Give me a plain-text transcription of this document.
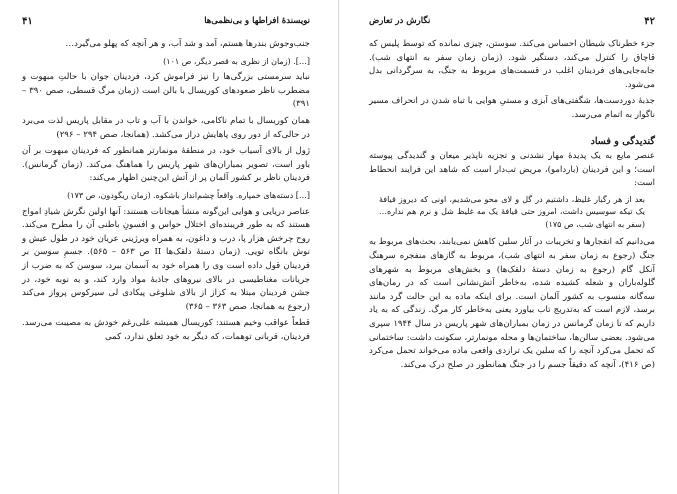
نویسندهٔ افراطها و بی‌نظمی‌ها
۴۱

جنب‌وجوش بندرها هستم، آمد و شد آب، و هر آنچه که پهلو می‌گیرد…

[…]. (زمان از نظری به قصر دیگر، ص ۱۰۱)

نباید سرمستی بزرگی‌ها را نیز فراموش کرد، فردینان جوان با حالتِ مبهوت و مضطرب ناظر صعودهای کوریسال با بالن است (زمان مرگ قسطی، صص ۳۹۰ – ۳۹۱)

همان کوریسال با تمام ناکامی، خواندن با آب و تاب در مقابل پاریس لذت می‌برد در حالی‌که از دور روی پاهایش دراز می‌کشد. (همانجا، صص ۲۹۴ – ۲۹۶)

ژول از بالای آسیاب خود، در منطقهٔ مونمارتر همانطور که فردینان مبهوت بر آن باور است، تصویر بمباران‌های شهر پاریس را هماهنگ می‌کند. (زمان گرمانس). فردینان ناظر بر کشور آلمان پر از آتش این‌چنین اظهار می‌کند:

[…] دسته‌های خمپاره. واقعاً چشم‌انداز باشکوه. (زمان ریگودون، ص ۱۷۳)

عناصر دریایی و هوایی این‌گونه منشأ هیجانات هستند: آنها اولین نگرش شیادِ امواج هستند که به طور فریبنده‌ای اختلال حواس و افسونِ باطنی آن را مطرح می‌کند. روح چرخش هزار پا، درب و داغون، به همراه ویرژینی عریان خود در طول عیش و نوش بانگاه تویی. (زمان دستهٔ دلقک‌ها II ص ۵۶۳ – ۵۶۵). جسمِ سوسن بر فردینان قول داده است وی را همراه خود به آسمان ببرد، سوسن که به ضرب از جریانات مغناطیسی در بالای نیروهای جاذبهٔ مواد وارد کند، و به نوبه خود، در جشن فردینان مبتلا به کزاز از بالای شلوغی پیکادی لی سیرکوس پرواز می‌کند (رجوع به همانجا، صص ۳۶۳ – ۳۶۵)

قطعاً عواقب وخیم هستند: کوریسال همیشه علی‌رغم خودش به مصیبت می‌رسد. فردینان، قربانی توهمات، که دیگر به خود تعلق ندارد، کمی

۴۲
نگارش در تعارض

جزء خطرناک شیطان احساس می‌کند. سوستن، چیزی نمانده که توسط پلیس که قاچاق را کنترل می‌کند، دستگیر شود. (زمان زمان سفر به انتهای شب). جابه‌جایی‌های فردینان اغلب در قسمت‌های مربوط به جنگ، به سرگردانی بدل می‌شود.

جذبهٔ دوردست‌ها، شگفتی‌های آبزی و مستیِ هوایی با تباه شدن در انحراف مسیر ناگوار به اتمام می‌رسد.

گندیدگی و فساد

عنصر مایع به یک پدیدهٔ مهار نشدنی و تجزیه ناپذیر میعان و گندیدگی پیوسته است؛ و این فردینان (باردامو)، مریض تب‌دار است که شاهد این فرایند انحطاط است:

بعد از هر رگبار غلیظ، داشتیم در گل و لای محو می‌شدیم، اونی که دیروز قیافهٔ یک تیکه سوسیس داشت، امروز حتی قیافهٔ یک مه غلیظ شل و نرم هم نداره… (سفر به انتهای شب، ص ۱۷۵)

می‌دانیم که انفجارها و تخریبات در آثار سلین کاهش نمی‌یابند، بحث‌های مربوط به جنگ (رجوع به زمان سفر به انتهای شب)، مربوط به گازهای منفجره سرهنگ آنکل گام (رجوع به زمان دستهٔ دلقک‌ها) و بخش‌های مربوط به شهرهای گلوله‌باران و شعله کشیده شده، به‌خاطر آتش‌نشانی است که در رمان‌های سه‌گانه منسوب به کشور آلمان است. برای اینکه ماده به این حالت گرد مانند برسد، لازم است که به‌تدریج تاب بیاورد یعنی به‌خاطر کار مرگ. زندگی که به یاد داریم که تا زمان گرمانس در زمان بمباران‌های شهر پاریس در سال ۱۹۴۴ سپری می‌شود. بعضی سالن‌ها، ساختمان‌ها و محله مونمارتر، سکونت داشت: ساختمانی که تحمل می‌کرد آنچه را که سلین یک ترازدی وافعی ماده می‌خواند تحمل می‌کرد (ص ۴۱۶)، آنچه که دقیقاً جسم را در جنگ همانطور در صلح درک می‌کند.
